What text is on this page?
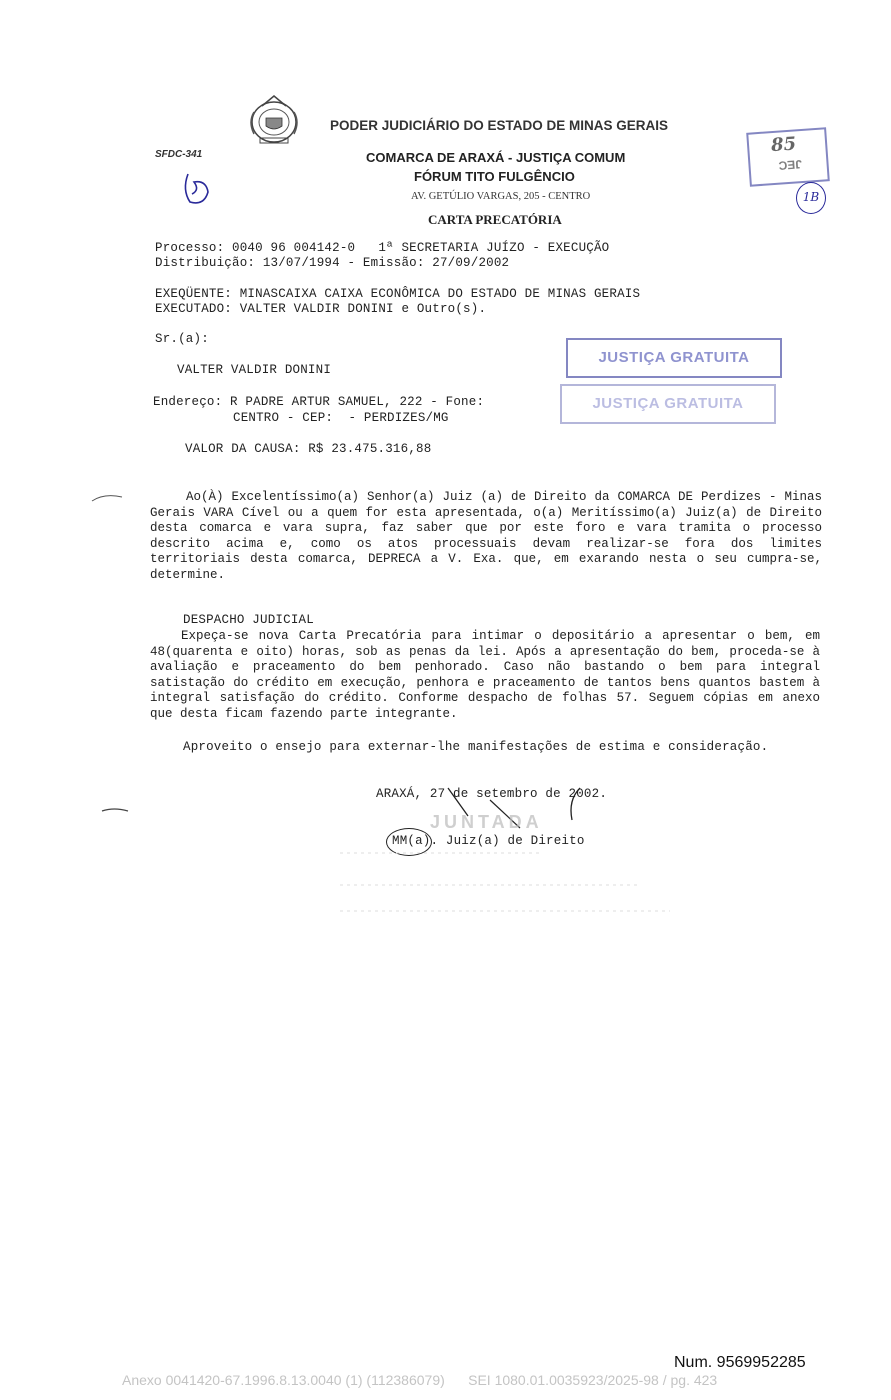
PODER JUDICIÁRIO DO ESTADO DE MINAS GERAIS
SFDC-341	COMARCA DE ARAXÁ - JUSTIÇA COMUM
FÓRUM TITO FULGÊNCIO
AV. GETÚLIO VARGAS, 205 - CENTRO
CARTA PRECATÓRIA
85
JEC
1B
Processo: 0040 96 004142-0   1ª SECRETARIA JUÍZO - EXECUÇÃO
Distribuição: 13/07/1994 - Emissão: 27/09/2002
EXEQÜENTE: MINASCAIXA CAIXA ECONÔMICA DO ESTADO DE MINAS GERAIS
EXECUTADO: VALTER VALDIR DONINI e Outro(s).
Sr.(a):
VALTER VALDIR DONINI
Endereço: R PADRE ARTUR SAMUEL, 222 - Fone:
CENTRO - CEP:  - PERDIZES/MG
VALOR DA CAUSA: R$ 23.475.316,88
JUSTIÇA GRATUITA
JUSTIÇA GRATUITA
Ao(À) Excelentíssimo(a) Senhor(a) Juiz (a) de Direito da COMARCA DE Perdizes - Minas Gerais VARA Cível ou a quem for esta apresentada, o(a) Meritíssimo(a) Juiz(a) de Direito desta comarca e vara supra, faz saber que por este foro e vara tramita o processo descrito acima e, como os atos processuais devam realizar-se fora dos limites territoriais desta comarca, DEPRECA a V. Exa. que, em exarando nesta o seu cumpra-se, determine.
DESPACHO JUDICIAL
Expeça-se nova Carta Precatória para intimar o depositário a apresentar o bem, em 48(quarenta e oito) horas, sob as penas da lei. Após a apresentação do bem, proceda-se à avaliação e praceamento do bem penhorado. Caso não bastando o bem para integral satistação do crédito em execução, penhora e praceamento de tantos bens quantos bastem à integral satisfação do crédito. Conforme despacho de folhas 57. Seguem cópias em anexo que desta ficam fazendo parte integrante.
Aproveito o ensejo para externar-lhe manifestações de estima e consideração.
ARAXÁ, 27 de setembro de 2002.
JUNTADA
MM(a). Juiz(a) de Direito
Num. 9569952285
Anexo 0041420-67.1996.8.13.0040 (1) (112386079)      SEI 1080.01.0035923/2025-98 / pg. 423
